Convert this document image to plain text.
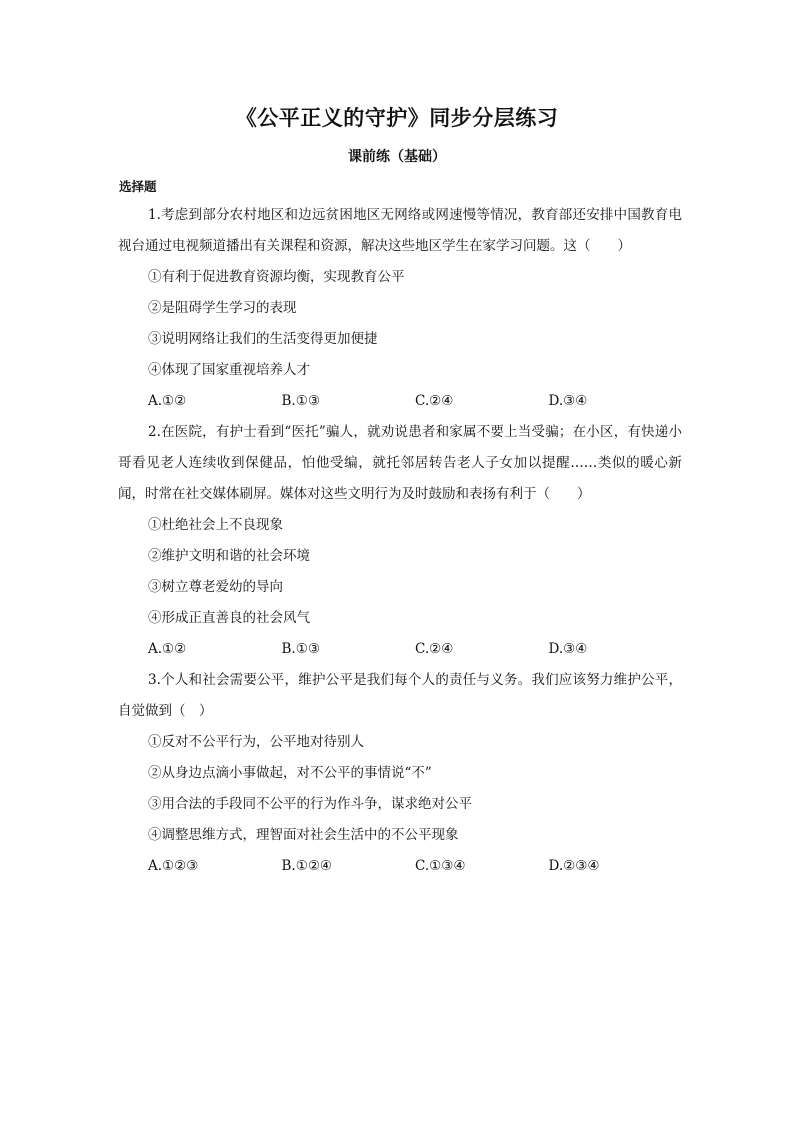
《公平正义的守护》同步分层练习
课前练（基础）
选择题

1.考虑到部分农村地区和边远贫困地区无网络或网速慢等情况，教育部还安排中国教育电视台通过电视频道播出有关课程和资源，解决这些地区学生在家学习问题。这（　　）

①有利于促进教育资源均衡，实现教育公平

②是阻碍学生学习的表现

③说明网络让我们的生活变得更加便捷

④体现了国家重视培养人才

A.①②	B.①③	C.②④	D.③④

2.在医院，有护士看到“医托”骗人，就劝说患者和家属不要上当受骗；在小区，有快递小哥看见老人连续收到保健品，怕他受编，就托邻居转告老人子女加以提醒……类似的暖心新闻，时常在社交媒体刷屏。媒体对这些文明行为及时鼓励和表扬有利于（　　）

①杜绝社会上不良现象

②维护文明和谐的社会环境

③树立尊老爱幼的导向

④形成正直善良的社会风气

A.①②	B.①③	C.②④	D.③④

3.个人和社会需要公平，维护公平是我们每个人的责任与义务。我们应该努力维护公平，自觉做到（　）

①反对不公平行为，公平地对待别人

②从身边点滴小事做起，对不公平的事情说“不”

③用合法的手段同不公平的行为作斗争，谋求绝对公平

④调整思维方式，理智面对社会生活中的不公平现象

A.①②③	B.①②④	C.①③④	D.②③④
